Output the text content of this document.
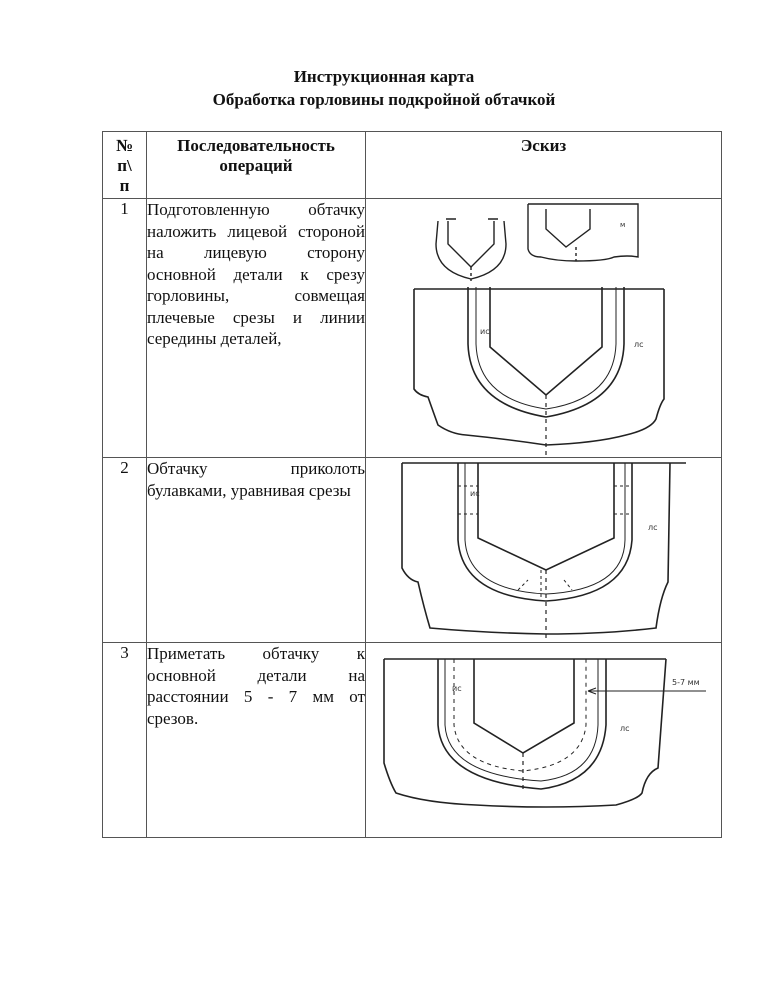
Инструкционная карта
Обработка горловины подкройной обтачкой
№ п\ п	Последовательность операций	Эскиз
1	Подготовленную обтачку наложить лицевой стороной на лицевую сторону основной детали к срезу горловины, совмещая плечевые срезы и линии середины деталей,	м
ис
лс

2	Обтачку приколоть булавками, уравнивая срезы	ис
лс

3	Приметать обтачку к основной детали на расстоянии 5 - 7 мм от срезов.	5-7 мм
ис
лс
